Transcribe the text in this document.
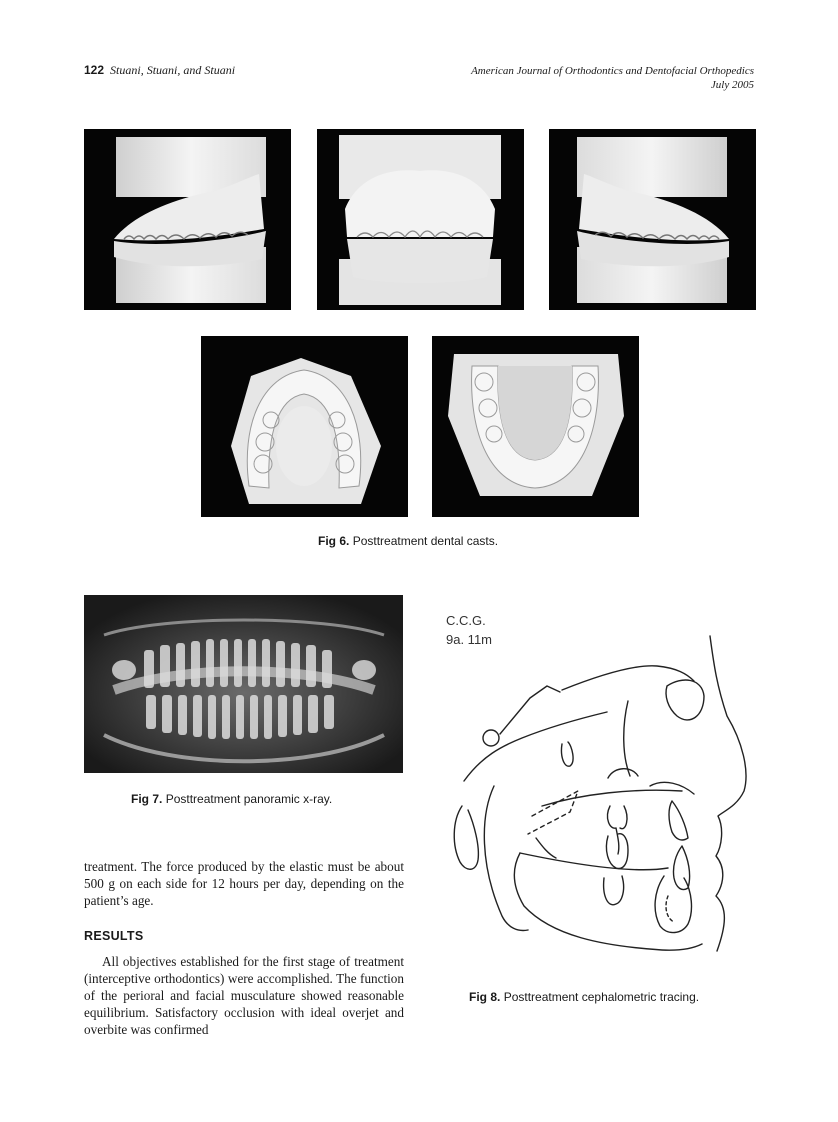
122 Stuani, Stuani, and Stuani	American Journal of Orthodontics and Dentofacial Orthopedics
July 2005
Fig 6. Posttreatment dental casts.
Fig 7. Posttreatment panoramic x-ray.

treatment. The force produced by the elastic must be about 500 g on each side for 12 hours per day, depending on the patient’s age.

RESULTS

All objectives established for the first stage of treatment (interceptive orthodontics) were accomplished. The function of the perioral and facial musculature showed reasonable equilibrium. Satisfactory occlusion with ideal overjet and overbite was confirmed

C.C.G.
9a. 11m
Fig 8. Posttreatment cephalometric tracing.
